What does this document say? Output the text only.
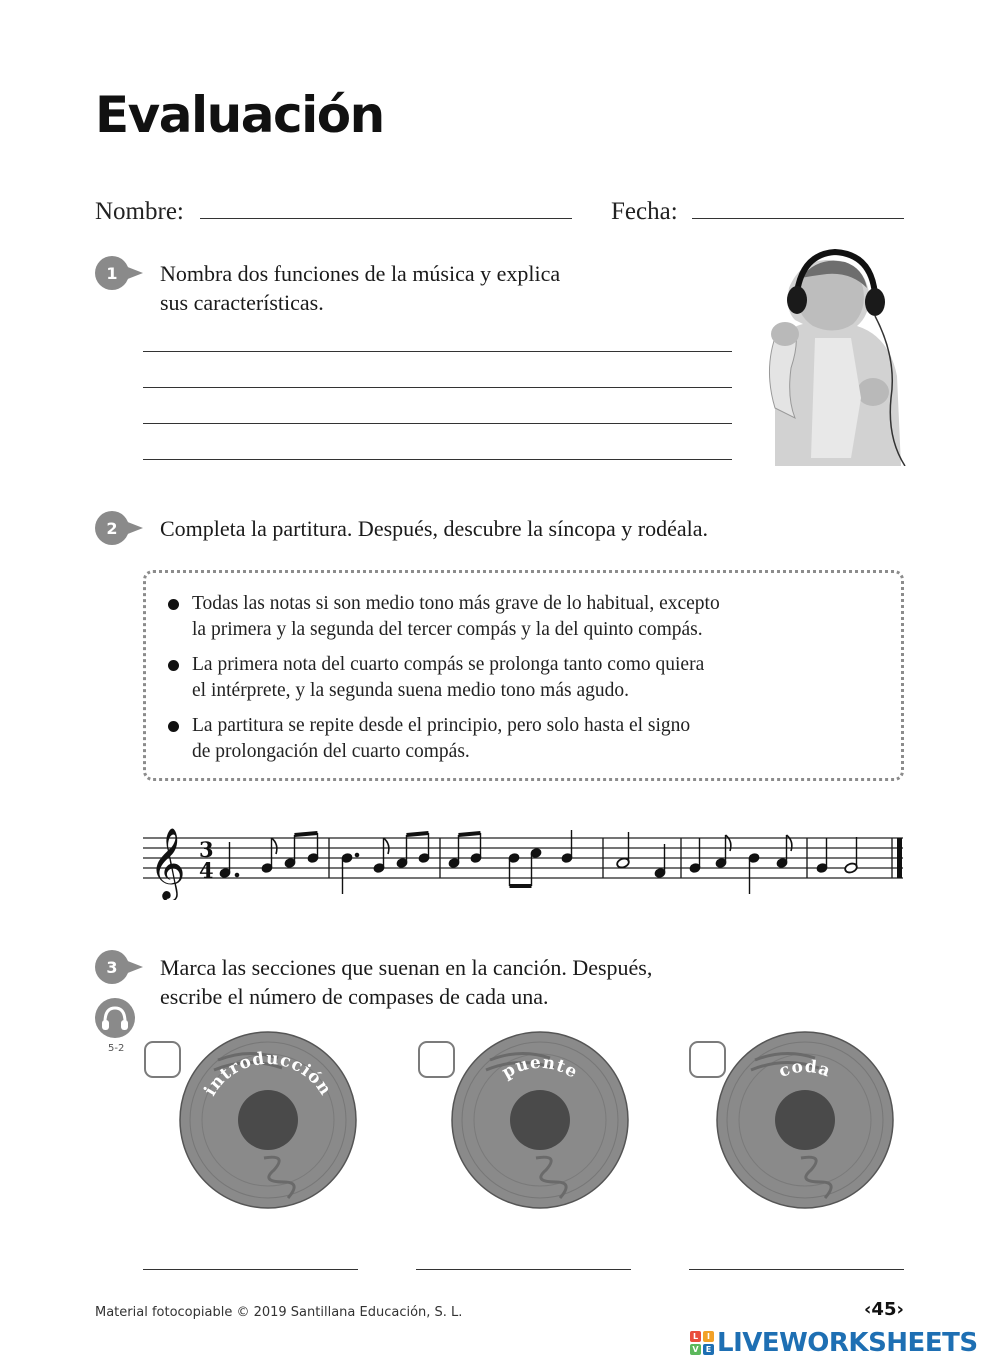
Evaluación
Nombre:	Fecha:
1	Nombra dos funciones de la música y explica
sus características.
2	Completa la partitura. Después, descubre la síncopa y rodéala.
Todas las notas si son medio tono más grave de lo habitual, excepto
la primera y la segunda del tercer compás y la del quinto compás.
La primera nota del cuarto compás se prolonga tanto como quiera
el intérprete, y la segunda suena medio tono más agudo.
La partitura se repite desde el principio, pero solo hasta el signo
de prolongación del cuarto compás.
𝄞 3
4
3	Marca las secciones que suenan en la canción. Después,
escribe el número de compases de cada una.
5-2
introducción
puente	coda
Material fotocopiable © 2019 Santillana Educación, S. L.	‹45›
L	I
V E LIVEWORKSHEETS
